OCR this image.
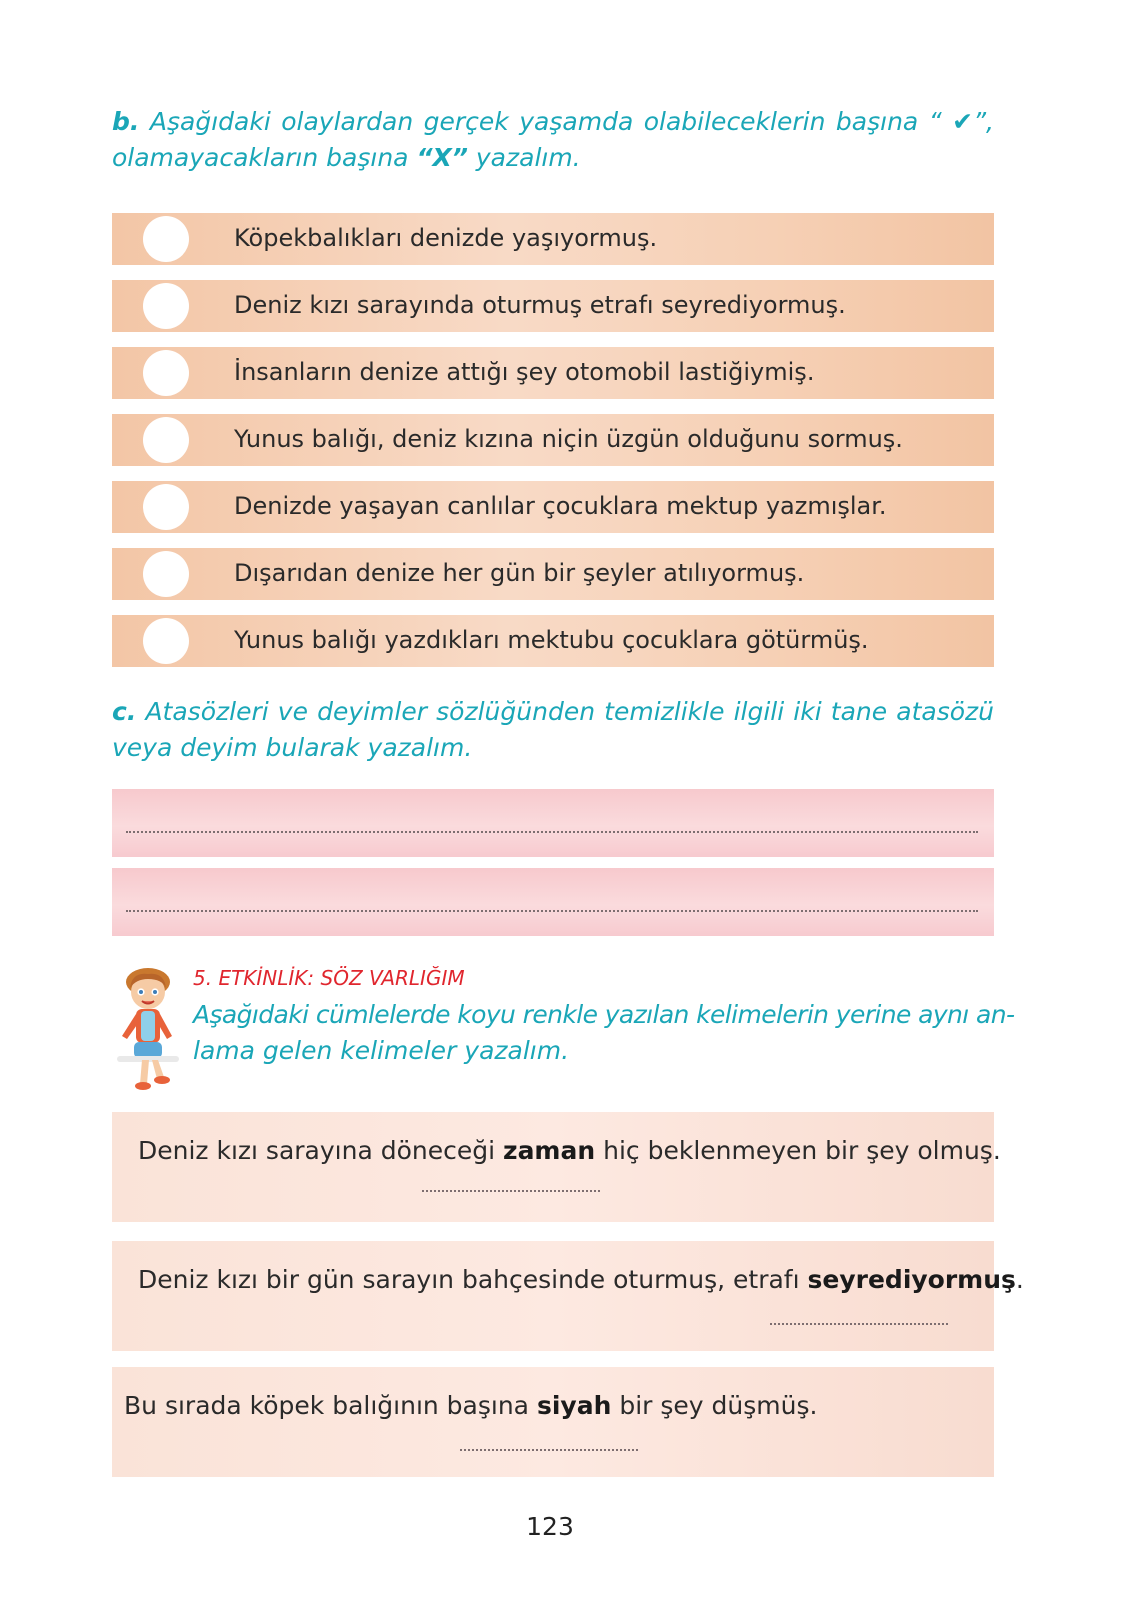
b. Aşağıdaki olaylardan gerçek yaşamda olabileceklerin başına “ ✔”,
olamayacakların başına “X” yazalım.
Köpekbalıkları denizde yaşıyormuş.
Deniz kızı sarayında oturmuş etrafı seyrediyormuş.
İnsanların denize attığı şey otomobil lastiğiymiş.
Yunus balığı, deniz kızına niçin üzgün olduğunu sormuş.
Denizde yaşayan canlılar çocuklara mektup yazmışlar.
Dışarıdan denize her gün bir şeyler atılıyormuş.
Yunus balığı yazdıkları mektubu çocuklara götürmüş.
c. Atasözleri ve deyimler sözlüğünden temizlikle ilgili iki tane atasözü
veya deyim bularak yazalım.
5. ETKİNLİK: SÖZ VARLIĞIM
Aşağıdaki cümlelerde koyu renkle yazılan kelimelerin yerine aynı an-
lama gelen kelimeler yazalım.
Deniz kızı sarayına döneceği zaman hiç beklenmeyen bir şey olmuş.
Deniz kızı bir gün sarayın bahçesinde oturmuş, etrafı seyrediyormuş.
Bu sırada köpek balığının başına siyah bir şey düşmüş.
123
